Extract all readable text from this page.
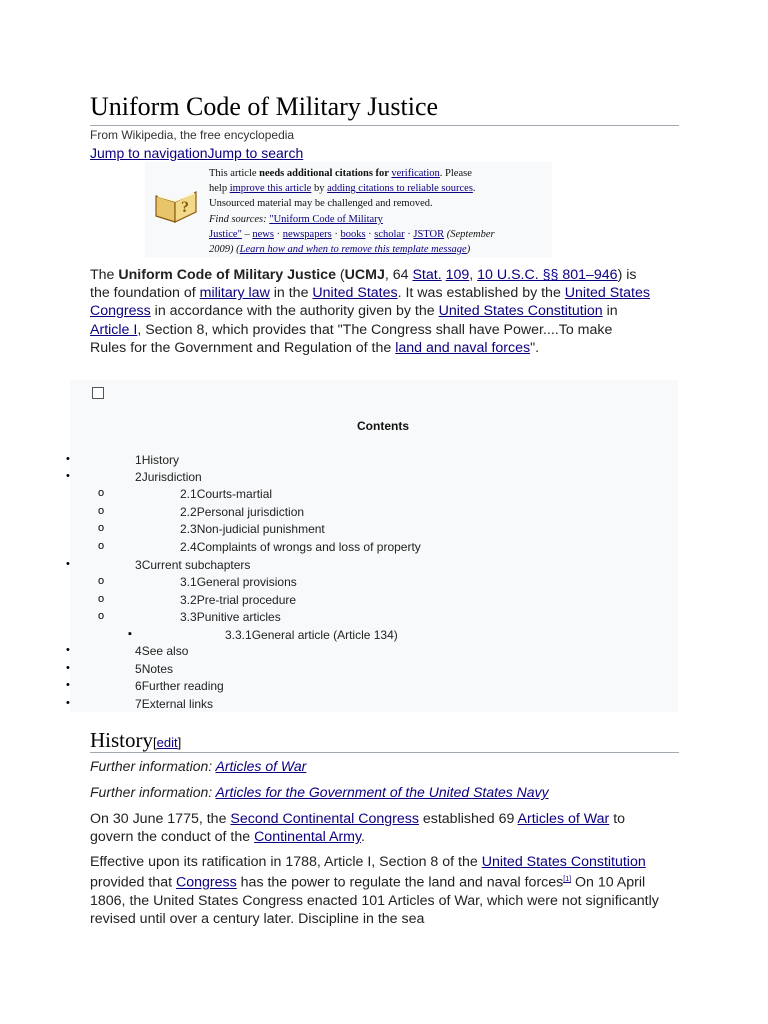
Uniform Code of Military Justice
From Wikipedia, the free encyclopedia
Jump to navigationJump to search
?
This article needs additional citations for verification. Please
help improve this article by adding citations to reliable sources.
Unsourced material may be challenged and removed.
Find sources: "Uniform Code of Military
Justice" – news · newspapers · books · scholar · JSTOR (September
2009) (Learn how and when to remove this template message)

The Uniform Code of Military Justice (UCMJ, 64 Stat. 109, 10 U.S.C. §§ 801–946) is the foundation of military law in the United States. It was established by the United States Congress in accordance with the authority given by the United States Constitution in Article I, Section 8, which provides that "The Congress shall have Power....To make Rules for the Government and Regulation of the land and naval forces".

Contents
•	1History
•	2Jurisdiction
o	2.1Courts-martial
o	2.2Personal jurisdiction
o	2.3Non-judicial punishment
o	2.4Complaints of wrongs and loss of property
•	3Current subchapters
o	3.1General provisions
o	3.2Pre-trial procedure
o	3.3Punitive articles
▪	3.3.1General article (Article 134)
•	4See also
•	5Notes
•	6Further reading
•	7External links
History[edit]
Further information: Articles of War
Further information: Articles for the Government of the United States Navy

On 30 June 1775, the Second Continental Congress established 69 Articles of War to govern the conduct of the Continental Army.

Effective upon its ratification in 1788, Article I, Section 8 of the United States Constitution provided that Congress has the power to regulate the land and naval forces[1] On 10 April 1806, the United States Congress enacted 101 Articles of War, which were not significantly revised until over a century later. Discipline in the sea
